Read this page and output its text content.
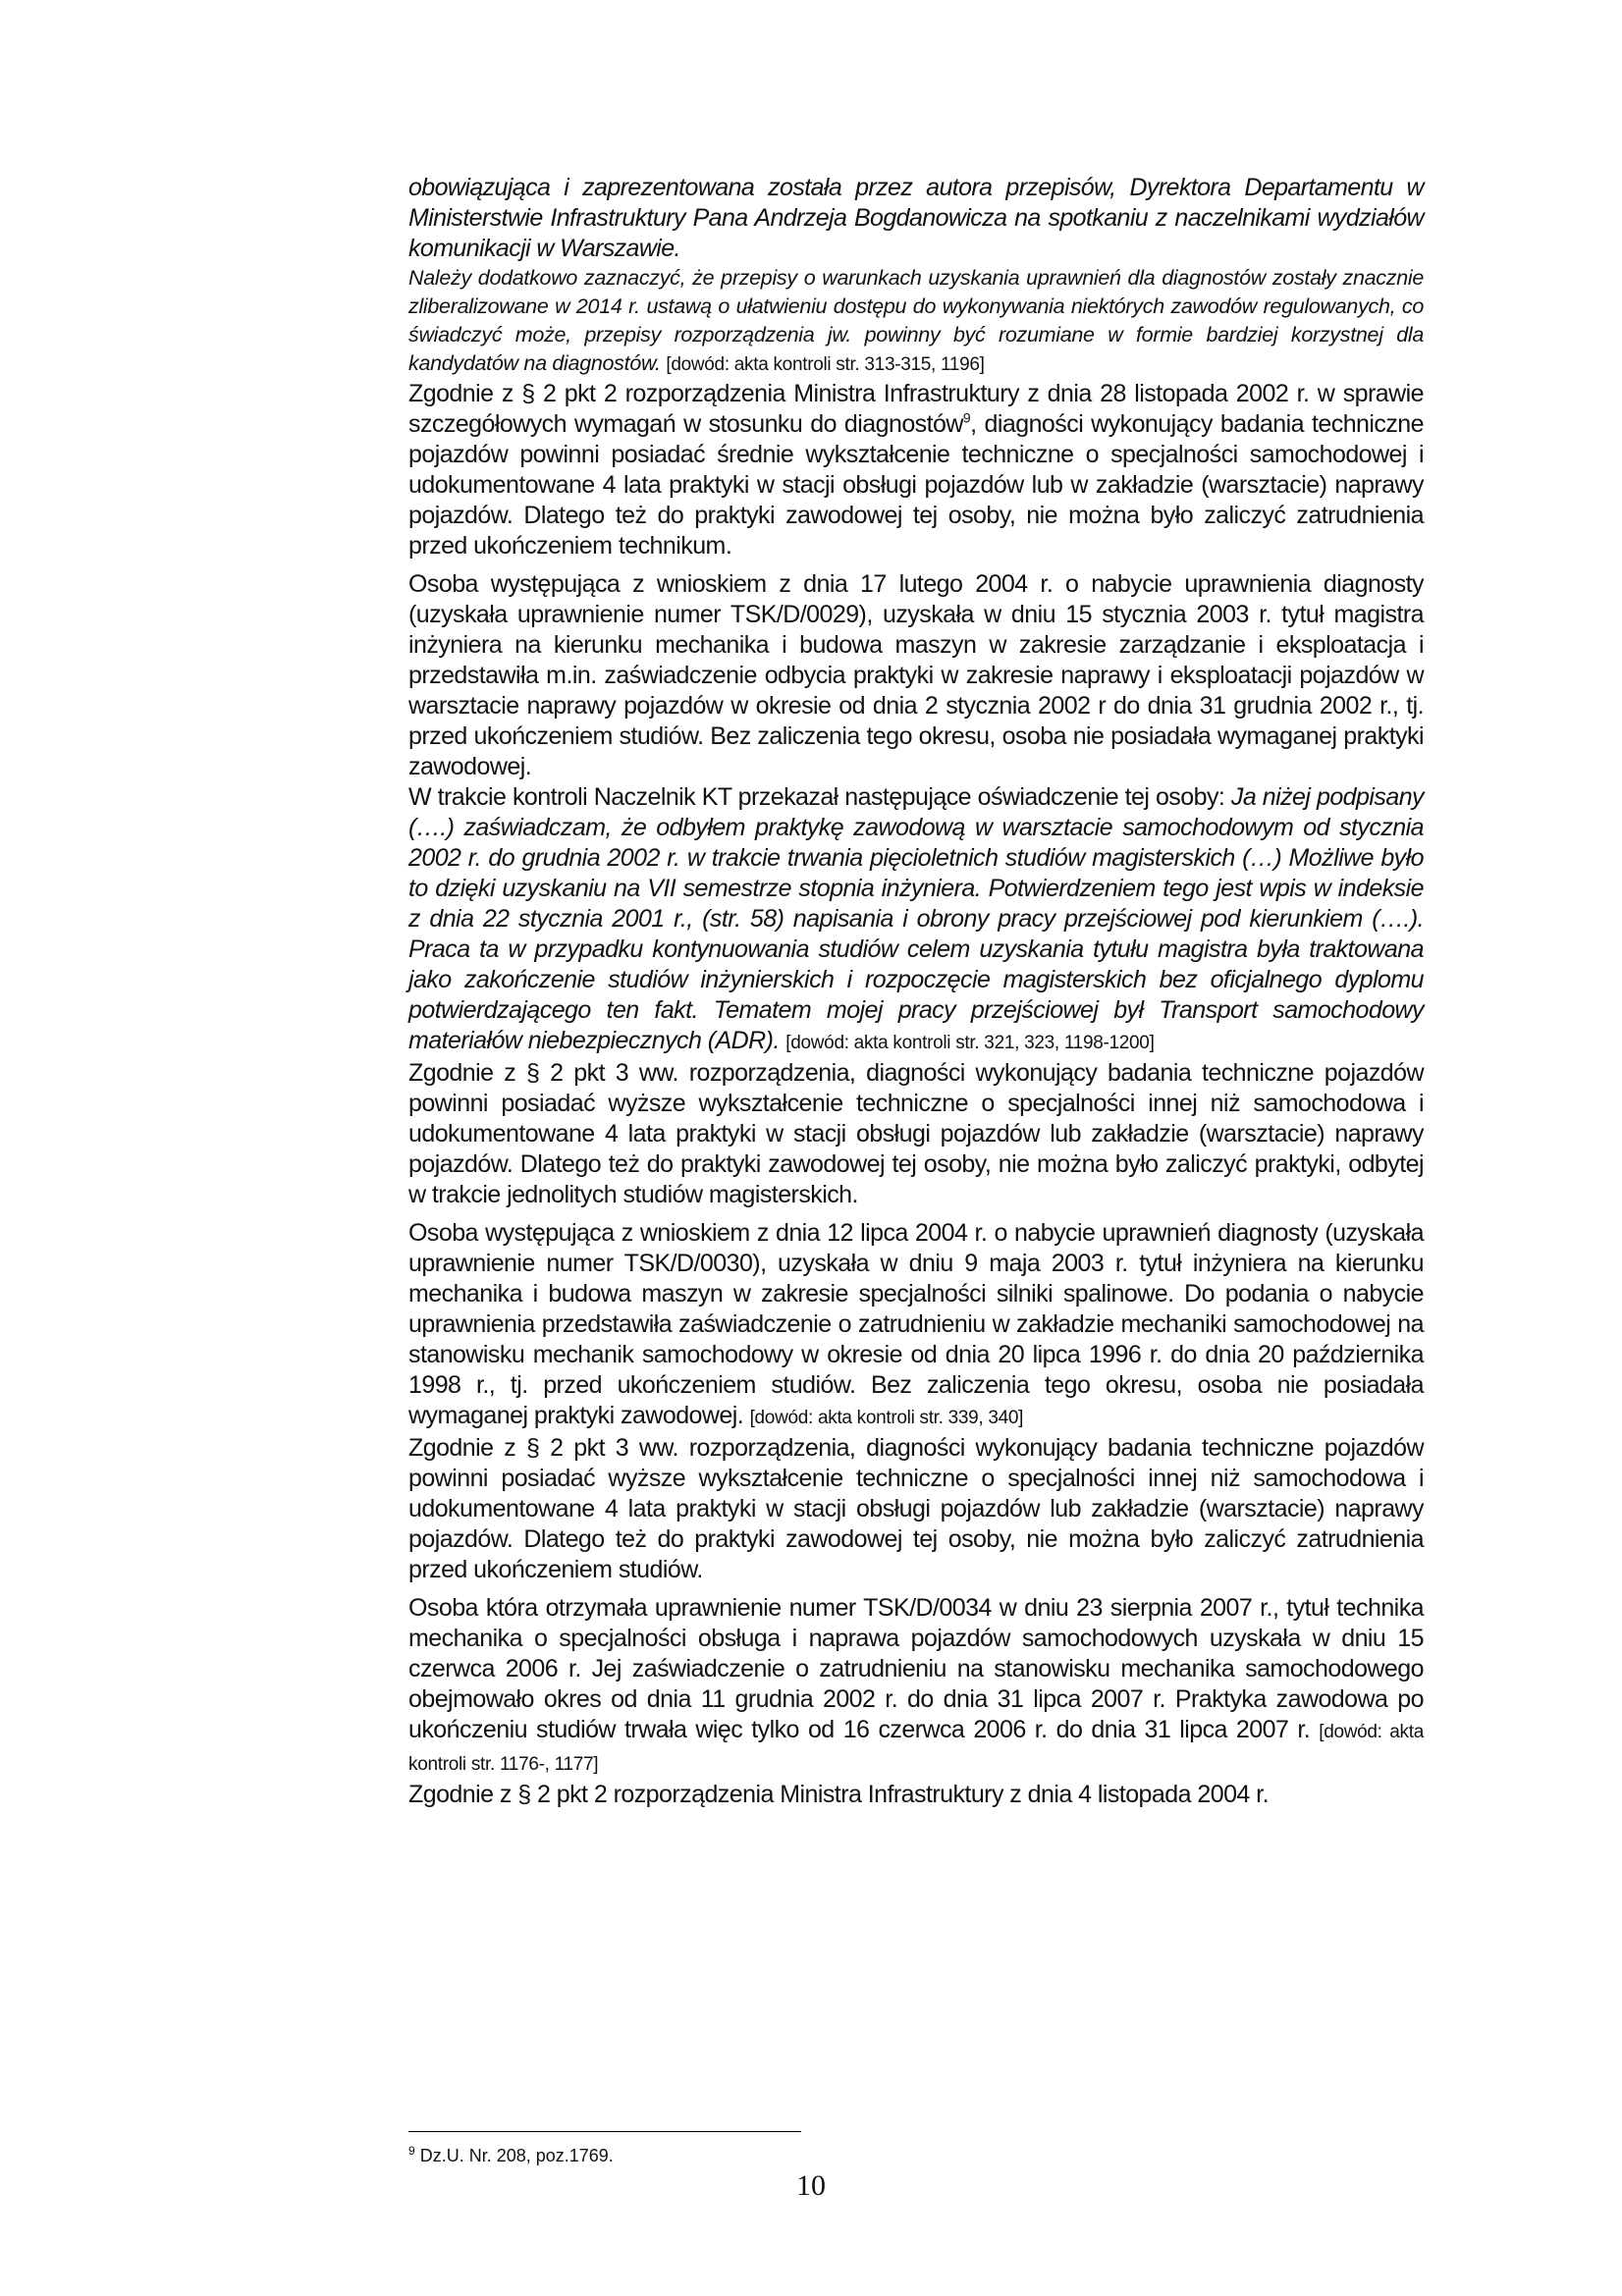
obowiązująca i zaprezentowana została przez autora przepisów, Dyrektora Departamentu w Ministerstwie Infrastruktury Pana Andrzeja Bogdanowicza na spotkaniu z naczelnikami wydziałów komunikacji w Warszawie.

Należy dodatkowo zaznaczyć, że przepisy o warunkach uzyskania uprawnień dla diagnostów zostały znacznie zliberalizowane w 2014 r. ustawą o ułatwieniu dostępu do wykonywania niektórych zawodów regulowanych, co świadczyć może, przepisy rozporządzenia jw. powinny być rozumiane w formie bardziej korzystnej dla kandydatów na diagnostów. [dowód: akta kontroli str. 313-315, 1196]

Zgodnie z § 2 pkt 2 rozporządzenia Ministra Infrastruktury z dnia 28 listopada 2002 r. w sprawie szczegółowych wymagań w stosunku do diagnostów$^9$, diagności wykonujący badania techniczne pojazdów powinni posiadać średnie wykształcenie techniczne o specjalności samochodowej i udokumentowane 4 lata praktyki w stacji obsługi pojazdów lub w zakładzie (warsztacie) naprawy pojazdów. Dlatego też do praktyki zawodowej tej osoby, nie można było zaliczyć zatrudnienia przed ukończeniem technikum.

Osoba występująca z wnioskiem z dnia 17 lutego 2004 r. o nabycie uprawnienia diagnosty (uzyskała uprawnienie numer TSK/D/0029), uzyskała w dniu 15 stycznia 2003 r. tytuł magistra inżyniera na kierunku mechanika i budowa maszyn w zakresie zarządzanie i eksploatacja i przedstawiła m.in. zaświadczenie odbycia praktyki w zakresie naprawy i eksploatacji pojazdów w warsztacie naprawy pojazdów w okresie od dnia 2 stycznia 2002 r do dnia 31 grudnia 2002 r., tj. przed ukończeniem studiów. Bez zaliczenia tego okresu, osoba nie posiadała wymaganej praktyki zawodowej.

W trakcie kontroli Naczelnik KT przekazał następujące oświadczenie tej osoby: Ja niżej podpisany (….) zaświadczam, że odbyłem praktykę zawodową w warsztacie samochodowym od stycznia 2002 r. do grudnia 2002 r. w trakcie trwania pięcioletnich studiów magisterskich (…) Możliwe było to dzięki uzyskaniu na VII semestrze stopnia inżyniera. Potwierdzeniem tego jest wpis w indeksie z dnia 22 stycznia 2001 r., (str. 58) napisania i obrony pracy przejściowej pod kierunkiem (….). Praca ta w przypadku kontynuowania studiów celem uzyskania tytułu magistra była traktowana jako zakończenie studiów inżynierskich i rozpoczęcie magisterskich bez oficjalnego dyplomu potwierdzającego ten fakt. Tematem mojej pracy przejściowej był Transport samochodowy materiałów niebezpiecznych (ADR). [dowód: akta kontroli str. 321, 323, 1198-1200]

Zgodnie z § 2 pkt 3 ww. rozporządzenia, diagności wykonujący badania techniczne pojazdów powinni posiadać wyższe wykształcenie techniczne o specjalności innej niż samochodowa i udokumentowane 4 lata praktyki w stacji obsługi pojazdów lub zakładzie (warsztacie) naprawy pojazdów. Dlatego też do praktyki zawodowej tej osoby, nie można było zaliczyć praktyki, odbytej w trakcie jednolitych studiów magisterskich.

Osoba występująca z wnioskiem z dnia 12 lipca 2004 r. o nabycie uprawnień diagnosty (uzyskała uprawnienie numer TSK/D/0030), uzyskała w dniu 9 maja 2003 r. tytuł inżyniera na kierunku mechanika i budowa maszyn w zakresie specjalności silniki spalinowe. Do podania o nabycie uprawnienia przedstawiła zaświadczenie o zatrudnieniu w zakładzie mechaniki samochodowej na stanowisku mechanik samochodowy w okresie od dnia 20 lipca 1996 r. do dnia 20 października 1998 r., tj. przed ukończeniem studiów. Bez zaliczenia tego okresu, osoba nie posiadała wymaganej praktyki zawodowej. [dowód: akta kontroli str. 339, 340]

Zgodnie z § 2 pkt 3 ww. rozporządzenia, diagności wykonujący badania techniczne pojazdów powinni posiadać wyższe wykształcenie techniczne o specjalności innej niż samochodowa i udokumentowane 4 lata praktyki w stacji obsługi pojazdów lub zakładzie (warsztacie) naprawy pojazdów. Dlatego też do praktyki zawodowej tej osoby, nie można było zaliczyć zatrudnienia przed ukończeniem studiów.

Osoba która otrzymała uprawnienie numer TSK/D/0034 w dniu 23 sierpnia 2007 r., tytuł technika mechanika o specjalności obsługa i naprawa pojazdów samochodowych uzyskała w dniu 15 czerwca 2006 r. Jej zaświadczenie o zatrudnieniu na stanowisku mechanika samochodowego obejmowało okres od dnia 11 grudnia 2002 r. do dnia 31 lipca 2007 r. Praktyka zawodowa po ukończeniu studiów trwała więc tylko od 16 czerwca 2006 r. do dnia 31 lipca 2007 r. [dowód: akta kontroli str. 1176-, 1177]

Zgodnie z § 2 pkt 2 rozporządzenia Ministra Infrastruktury z dnia 4 listopada 2004 r.

$^9$ Dz.U. Nr. 208, poz.1769.
10
